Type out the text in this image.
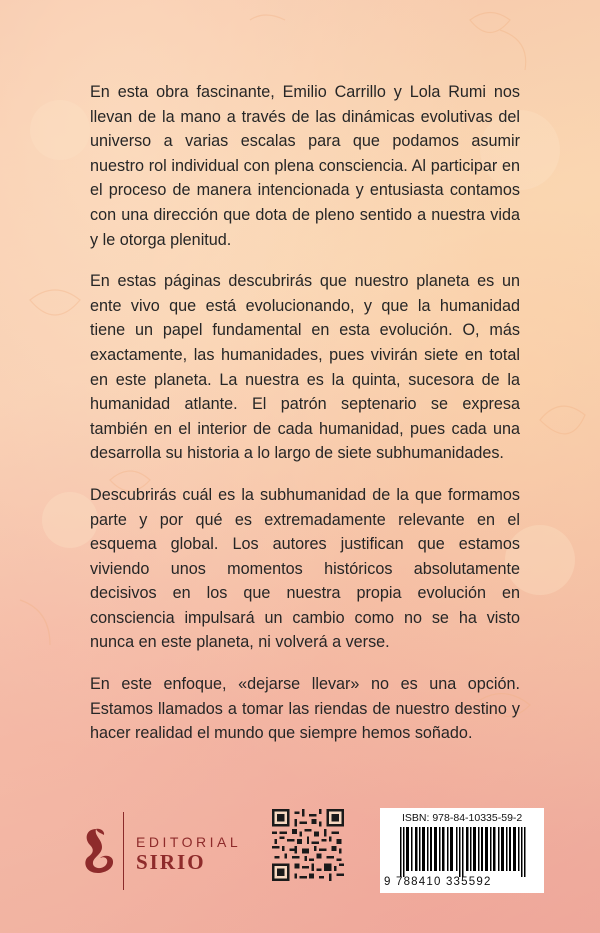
En esta obra fascinante, Emilio Carrillo y Lola Rumi nos llevan de la mano a través de las dinámicas evolutivas del universo a varias escalas para que podamos asumir nuestro rol individual con plena consciencia. Al participar en el proceso de manera intencionada y entusiasta contamos con una dirección que dota de pleno sentido a nuestra vida y le otorga plenitud.

En estas páginas descubrirás que nuestro planeta es un ente vivo que está evolucionando, y que la humanidad tiene un papel fundamental en esta evolución. O, más exactamente, las humanidades, pues vivirán siete en total en este planeta. La nuestra es la quinta, sucesora de la humanidad atlante. El patrón septenario se expresa también en el interior de cada humanidad, pues cada una desarrolla su historia a lo largo de siete subhumanidades.

Descubrirás cuál es la subhumanidad de la que formamos parte y por qué es extremadamente relevante en el esquema global. Los autores justifican que estamos viviendo unos momentos históricos absolutamente decisivos en los que nuestra propia evolución en consciencia impulsará un cambio como no se ha visto nunca en este planeta, ni volverá a verse.

En este enfoque, «dejarse llevar» no es una opción. Estamos llamados a tomar las riendas de nuestro destino y hacer realidad el mundo que siempre hemos soñado.

EDITORIAL
SIRIO
ISBN: 978-84-10335-59-2
9 788410 335592
